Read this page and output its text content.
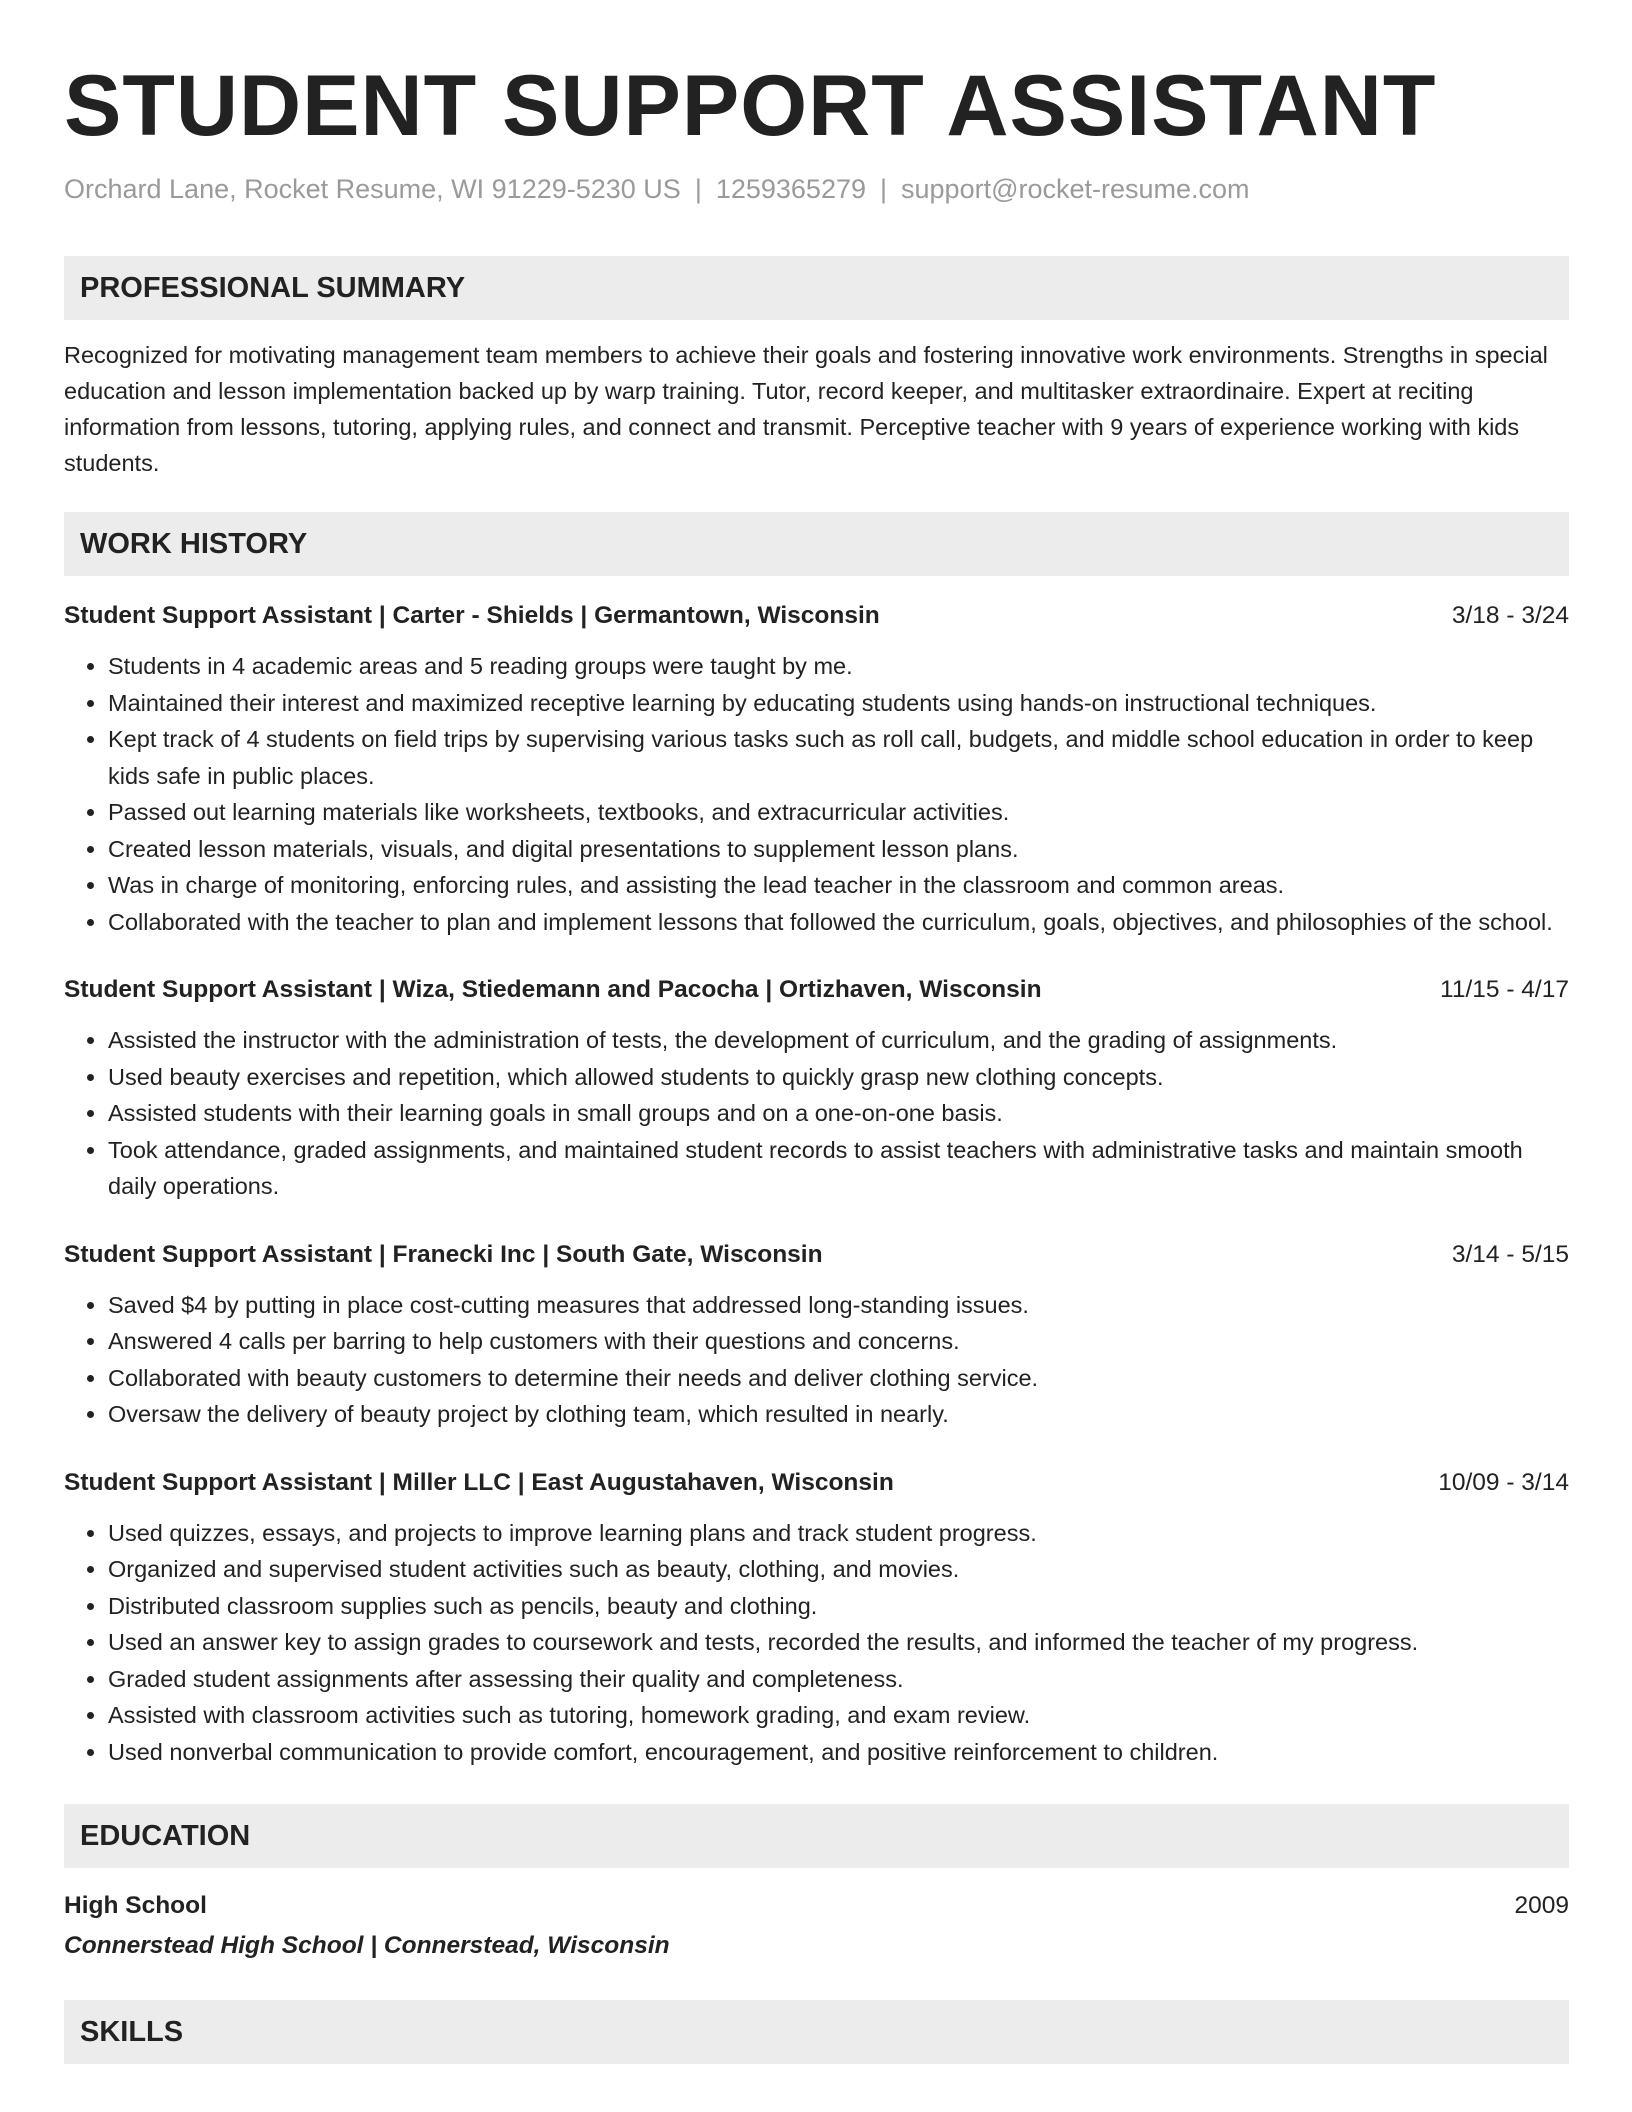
STUDENT SUPPORT ASSISTANT
Orchard Lane, Rocket Resume, WI 91229-5230 US | 1259365279 | support@rocket-resume.com
PROFESSIONAL SUMMARY

Recognized for motivating management team members to achieve their goals and fostering innovative work environments. Strengths in special education and lesson implementation backed up by warp training. Tutor, record keeper, and multitasker extraordinaire. Expert at reciting information from lessons, tutoring, applying rules, and connect and transmit. Perceptive teacher with 9 years of experience working with kids students.

WORK HISTORY
Student Support Assistant | Carter - Shields | Germantown, Wisconsin	3/18 - 3/24
• Students in 4 academic areas and 5 reading groups were taught by me.
• Maintained their interest and maximized receptive learning by educating students using hands-on instructional techniques.
• Kept track of 4 students on field trips by supervising various tasks such as roll call, budgets, and middle school education in order to keep kids safe in public places.
• Passed out learning materials like worksheets, textbooks, and extracurricular activities.
• Created lesson materials, visuals, and digital presentations to supplement lesson plans.
• Was in charge of monitoring, enforcing rules, and assisting the lead teacher in the classroom and common areas.
• Collaborated with the teacher to plan and implement lessons that followed the curriculum, goals, objectives, and philosophies of the school.
Student Support Assistant | Wiza, Stiedemann and Pacocha | Ortizhaven, Wisconsin	11/15 - 4/17
• Assisted the instructor with the administration of tests, the development of curriculum, and the grading of assignments.
• Used beauty exercises and repetition, which allowed students to quickly grasp new clothing concepts.
• Assisted students with their learning goals in small groups and on a one-on-one basis.
• Took attendance, graded assignments, and maintained student records to assist teachers with administrative tasks and maintain smooth daily operations.
Student Support Assistant | Franecki Inc | South Gate, Wisconsin	3/14 - 5/15
• Saved $4 by putting in place cost-cutting measures that addressed long-standing issues.
• Answered 4 calls per barring to help customers with their questions and concerns.
• Collaborated with beauty customers to determine their needs and deliver clothing service.
• Oversaw the delivery of beauty project by clothing team, which resulted in nearly.
Student Support Assistant | Miller LLC | East Augustahaven, Wisconsin	10/09 - 3/14
• Used quizzes, essays, and projects to improve learning plans and track student progress.
• Organized and supervised student activities such as beauty, clothing, and movies.
• Distributed classroom supplies such as pencils, beauty and clothing.
• Used an answer key to assign grades to coursework and tests, recorded the results, and informed the teacher of my progress.
• Graded student assignments after assessing their quality and completeness.
• Assisted with classroom activities such as tutoring, homework grading, and exam review.
• Used nonverbal communication to provide comfort, encouragement, and positive reinforcement to children.
EDUCATION
High School	2009
Connerstead High School | Connerstead, Wisconsin
SKILLS
